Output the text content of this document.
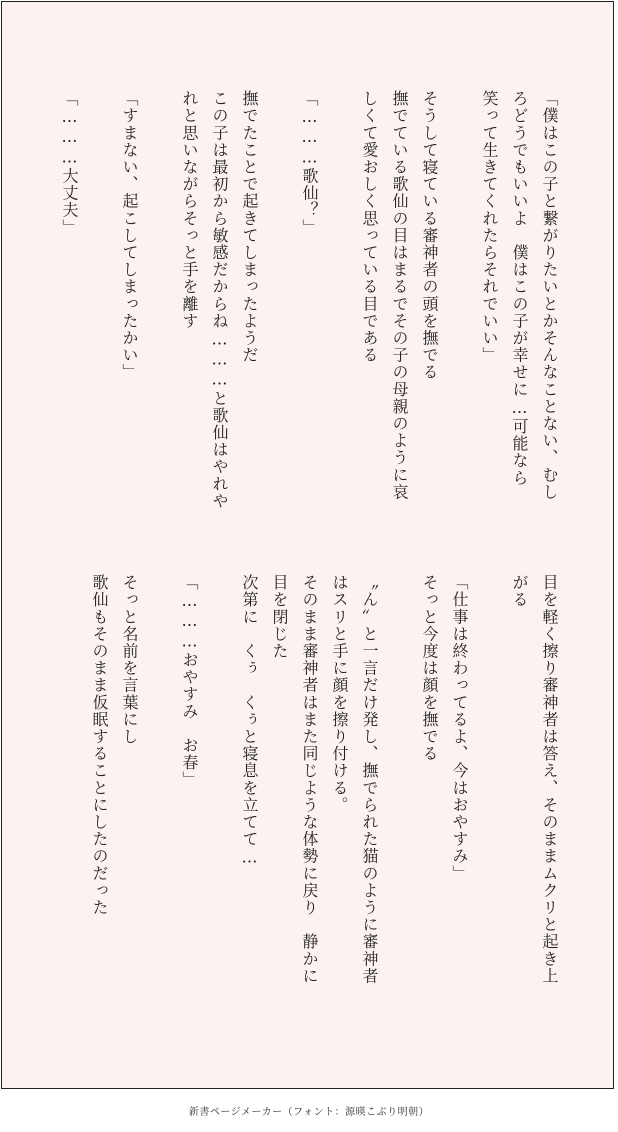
「僕はこの子と繋がりたいとかそんなことない、むし
ろどうでもいいよ　僕はこの子が幸せに…可能なら
笑って生きてくれたらそれでいい」
そうして寝ている審神者の頭を撫でる
撫でている歌仙の目はまるでその子の母親のように哀
しくて愛おしく思っている目である
「………歌仙？」
撫でたことで起きてしまったようだ
この子は最初から敏感だからね………と歌仙はやれや
れと思いながらそっと手を離す
「すまない、起こしてしまったかい」
「………大丈夫」
目を軽く擦り審神者は答え、そのままムクリと起き上
がる
「仕事は終わってるよ、今はおやすみ」
そっと今度は顔を撫でる
〝ん〟と一言だけ発し、撫でられた猫のように審神者
はスリと手に顔を擦り付ける。
そのまま審神者はまた同じような体勢に戻り　静かに
目を閉じた
次第に　くぅ　くぅと寝息を立てて…
「………おやすみ　お春」
そっと名前を言葉にし
歌仙もそのまま仮眠することにしたのだった
新書ページメーカー（フォント：源暎こぶり明朝）
